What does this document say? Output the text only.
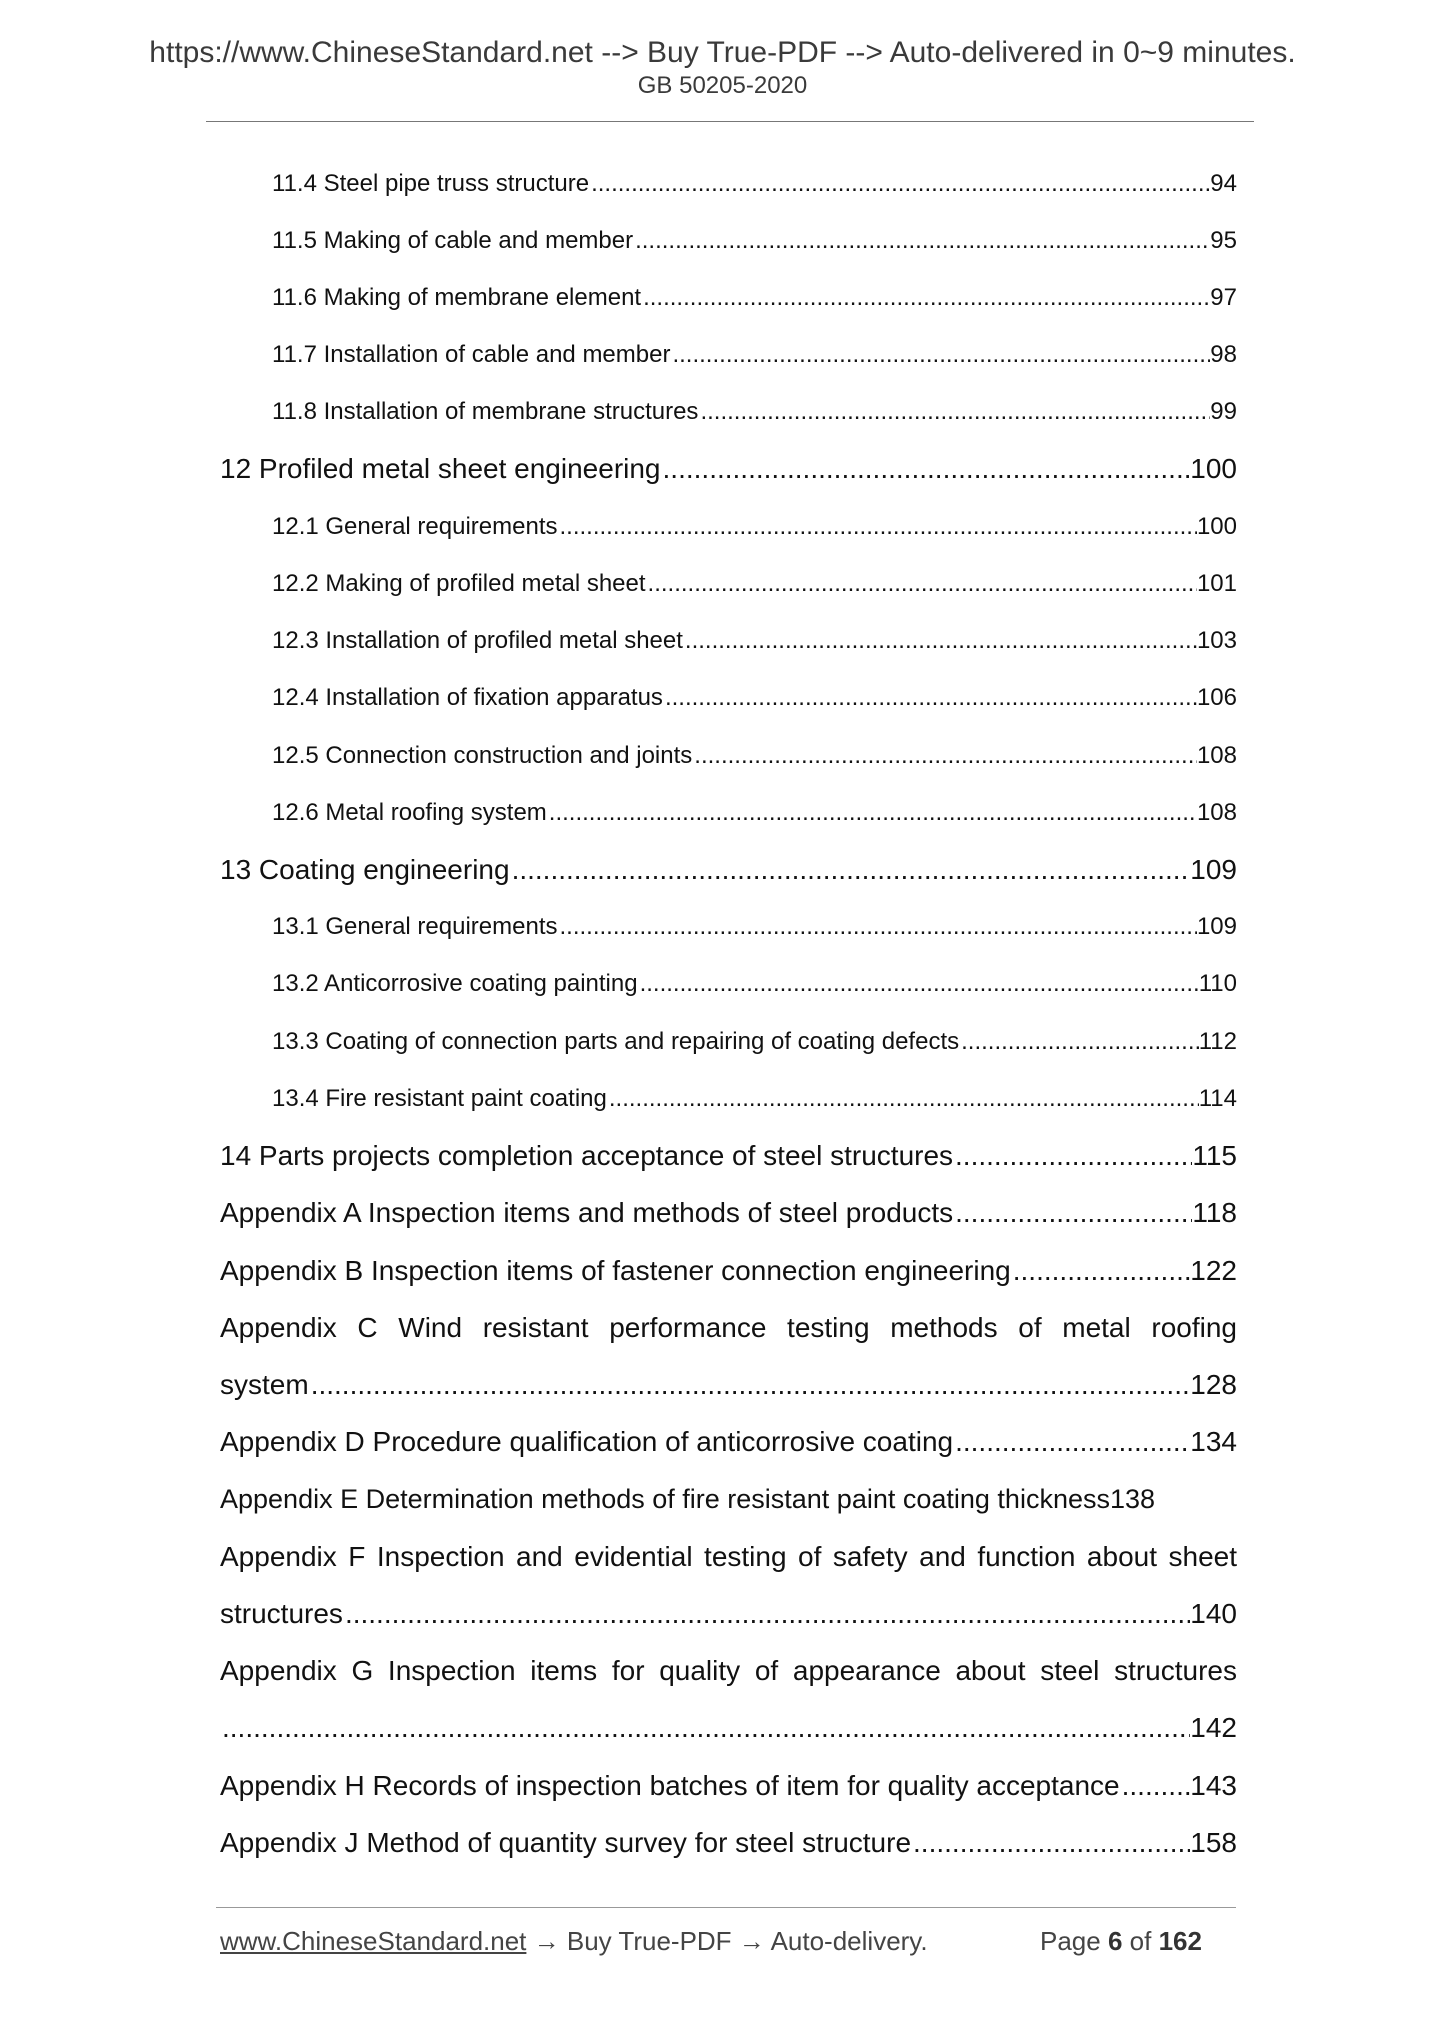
https://www.ChineseStandard.net --> Buy True-PDF --> Auto-delivered in 0~9 minutes.
GB 50205-2020
11.4 Steel pipe truss structure .....	94
11.5 Making of cable and member .....	95
11.6 Making of membrane element .....	97
11.7 Installation of cable and member .....	98
11.8 Installation of membrane structures .....	99
12 Profiled metal sheet engineering .....	100
12.1 General requirements .....	100
12.2 Making of profiled metal sheet .....	101
12.3 Installation of profiled metal sheet .....	103
12.4 Installation of fixation apparatus .....	106
12.5 Connection construction and joints .....	108
12.6 Metal roofing system .....	108
13 Coating engineering .....	109
13.1 General requirements .....	109
13.2 Anticorrosive coating painting .....	110
13.3 Coating of connection parts and repairing of coating defects .....	112
13.4 Fire resistant paint coating .....	114
14 Parts projects completion acceptance of steel structures .....	115
Appendix A Inspection items and methods of steel products .....	118
Appendix B Inspection items of fastener connection engineering .....	122
Appendix C Wind resistant performance testing methods of metal roofing
system .....	128
Appendix D Procedure qualification of anticorrosive coating .....	134
Appendix E Determination methods of fire resistant paint coating thickness 138
Appendix F Inspection and evidential testing of safety and function about sheet
structures .....	140
Appendix G Inspection items for quality of appearance about steel structures
.....
142
Appendix H Records of inspection batches of item for quality acceptance .....	143
Appendix J Method of quantity survey for steel structure .....	158
www.ChineseStandard.net → Buy True-PDF → Auto-delivery.	Page 6 of 162
